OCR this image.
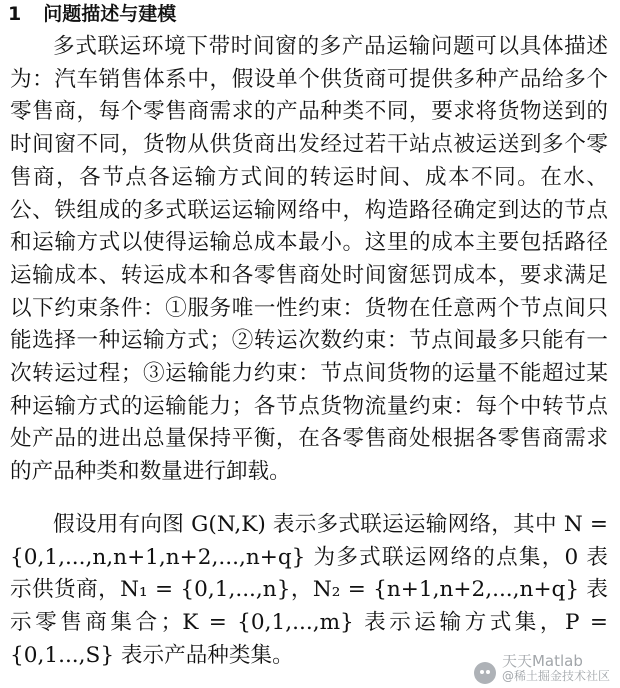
1 问题描述与建模

多式联运环境下带时间窗的多产品运输问题可以具体描述为：汽车销售体系中，假设单个供货商可提供多种产品给多个零售商，每个零售商需求的产品种类不同，要求将货物送到的时间窗不同，货物从供货商出发经过若干站点被运送到多个零售商，各节点各运输方式间的转运时间、成本不同。在水、公、铁组成的多式联运运输网络中，构造路径确定到达的节点和运输方式以使得运输总成本最小。这里的成本主要包括路径运输成本、转运成本和各零售商处时间窗惩罚成本，要求满足以下约束条件：①服务唯一性约束：货物在任意两个节点间只能选择一种运输方式；②转运次数约束：节点间最多只能有一次转运过程；③运输能力约束：节点间货物的运量不能超过某种运输方式的运输能力；各节点货物流量约束：每个中转节点处产品的进出总量保持平衡，在各零售商处根据各零售商需求的产品种类和数量进行卸载。

假设用有向图 G(N,K) 表示多式联运运输网络，其中 N = {0,1,...,n,n+1,n+2,...,n+q} 为多式联运网络的点集，0 表示供货商，N₁ = {0,1,...,n}，N₂ = {n+1,n+2,...,n+q} 表示零售商集合；K = {0,1,...,m} 表示运输方式集，P = {0,1...,S} 表示产品种类集。	天天Matlab
@稀土掘金技术社区
